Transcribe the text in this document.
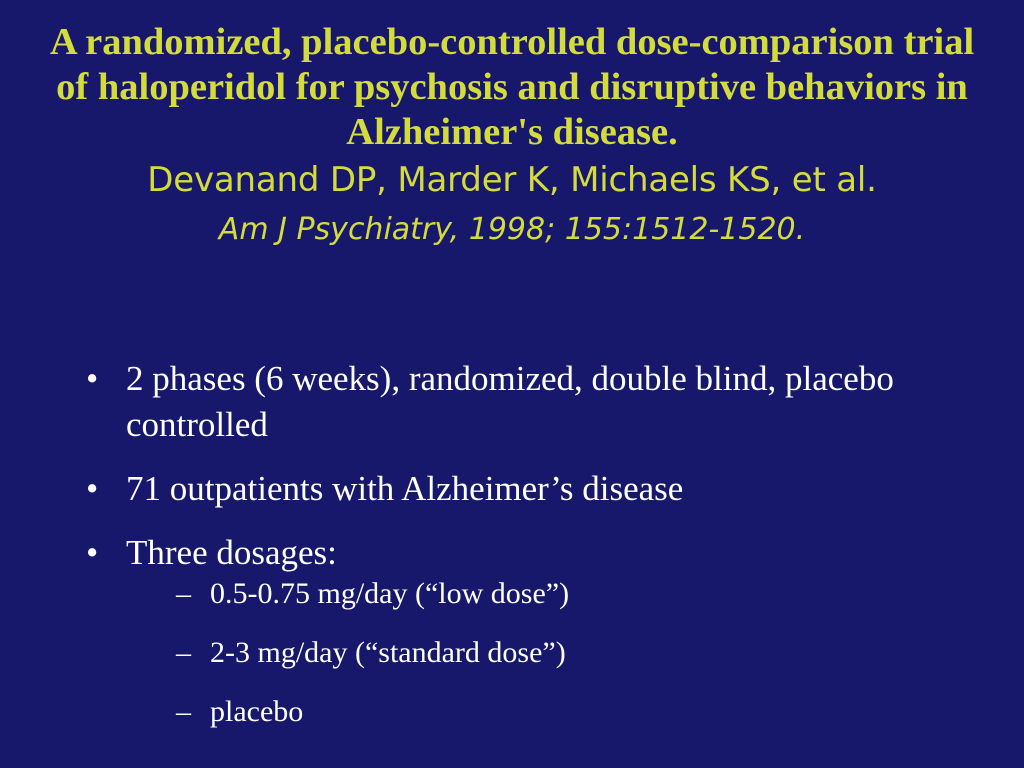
A randomized, placebo-controlled dose-comparison trial of haloperidol for psychosis and disruptive behaviors in Alzheimer's disease.

Devanand DP, Marder K, Michaels KS, et al.

Am J Psychiatry, 1998; 155:1512-1520.

• 2 phases (6 weeks), randomized, double blind, placebo controlled
• 71 outpatients with Alzheimer’s disease
• Three dosages:
– 0.5-0.75 mg/day (“low dose”)
– 2-3 mg/day (“standard dose”)
– placebo
